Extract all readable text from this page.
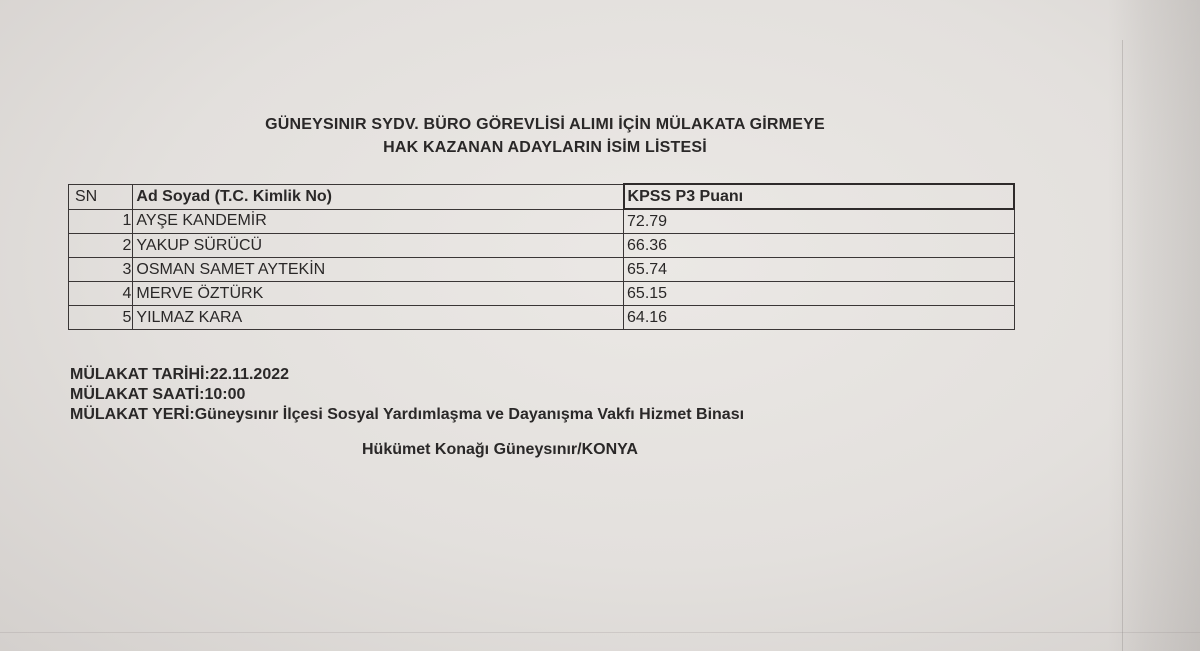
GÜNEYSINIR SYDV. BÜRO GÖREVLİSİ ALIMI İÇİN MÜLAKATA GİRMEYE
HAK KAZANAN ADAYLARIN İSİM LİSTESİ
SN	Ad Soyad (T.C. Kimlik No)	KPSS P3 Puanı
1	AYŞE KANDEMİR	72.79
2	YAKUP SÜRÜCÜ	66.36
3	OSMAN SAMET AYTEKİN	65.74
4	MERVE ÖZTÜRK	65.15
5	YILMAZ KARA	64.16
MÜLAKAT TARİHİ:22.11.2022
MÜLAKAT SAATİ:10:00
MÜLAKAT YERİ:Güneysınır İlçesi Sosyal Yardımlaşma ve Dayanışma Vakfı Hizmet Binası
Hükümet Konağı Güneysınır/KONYA
